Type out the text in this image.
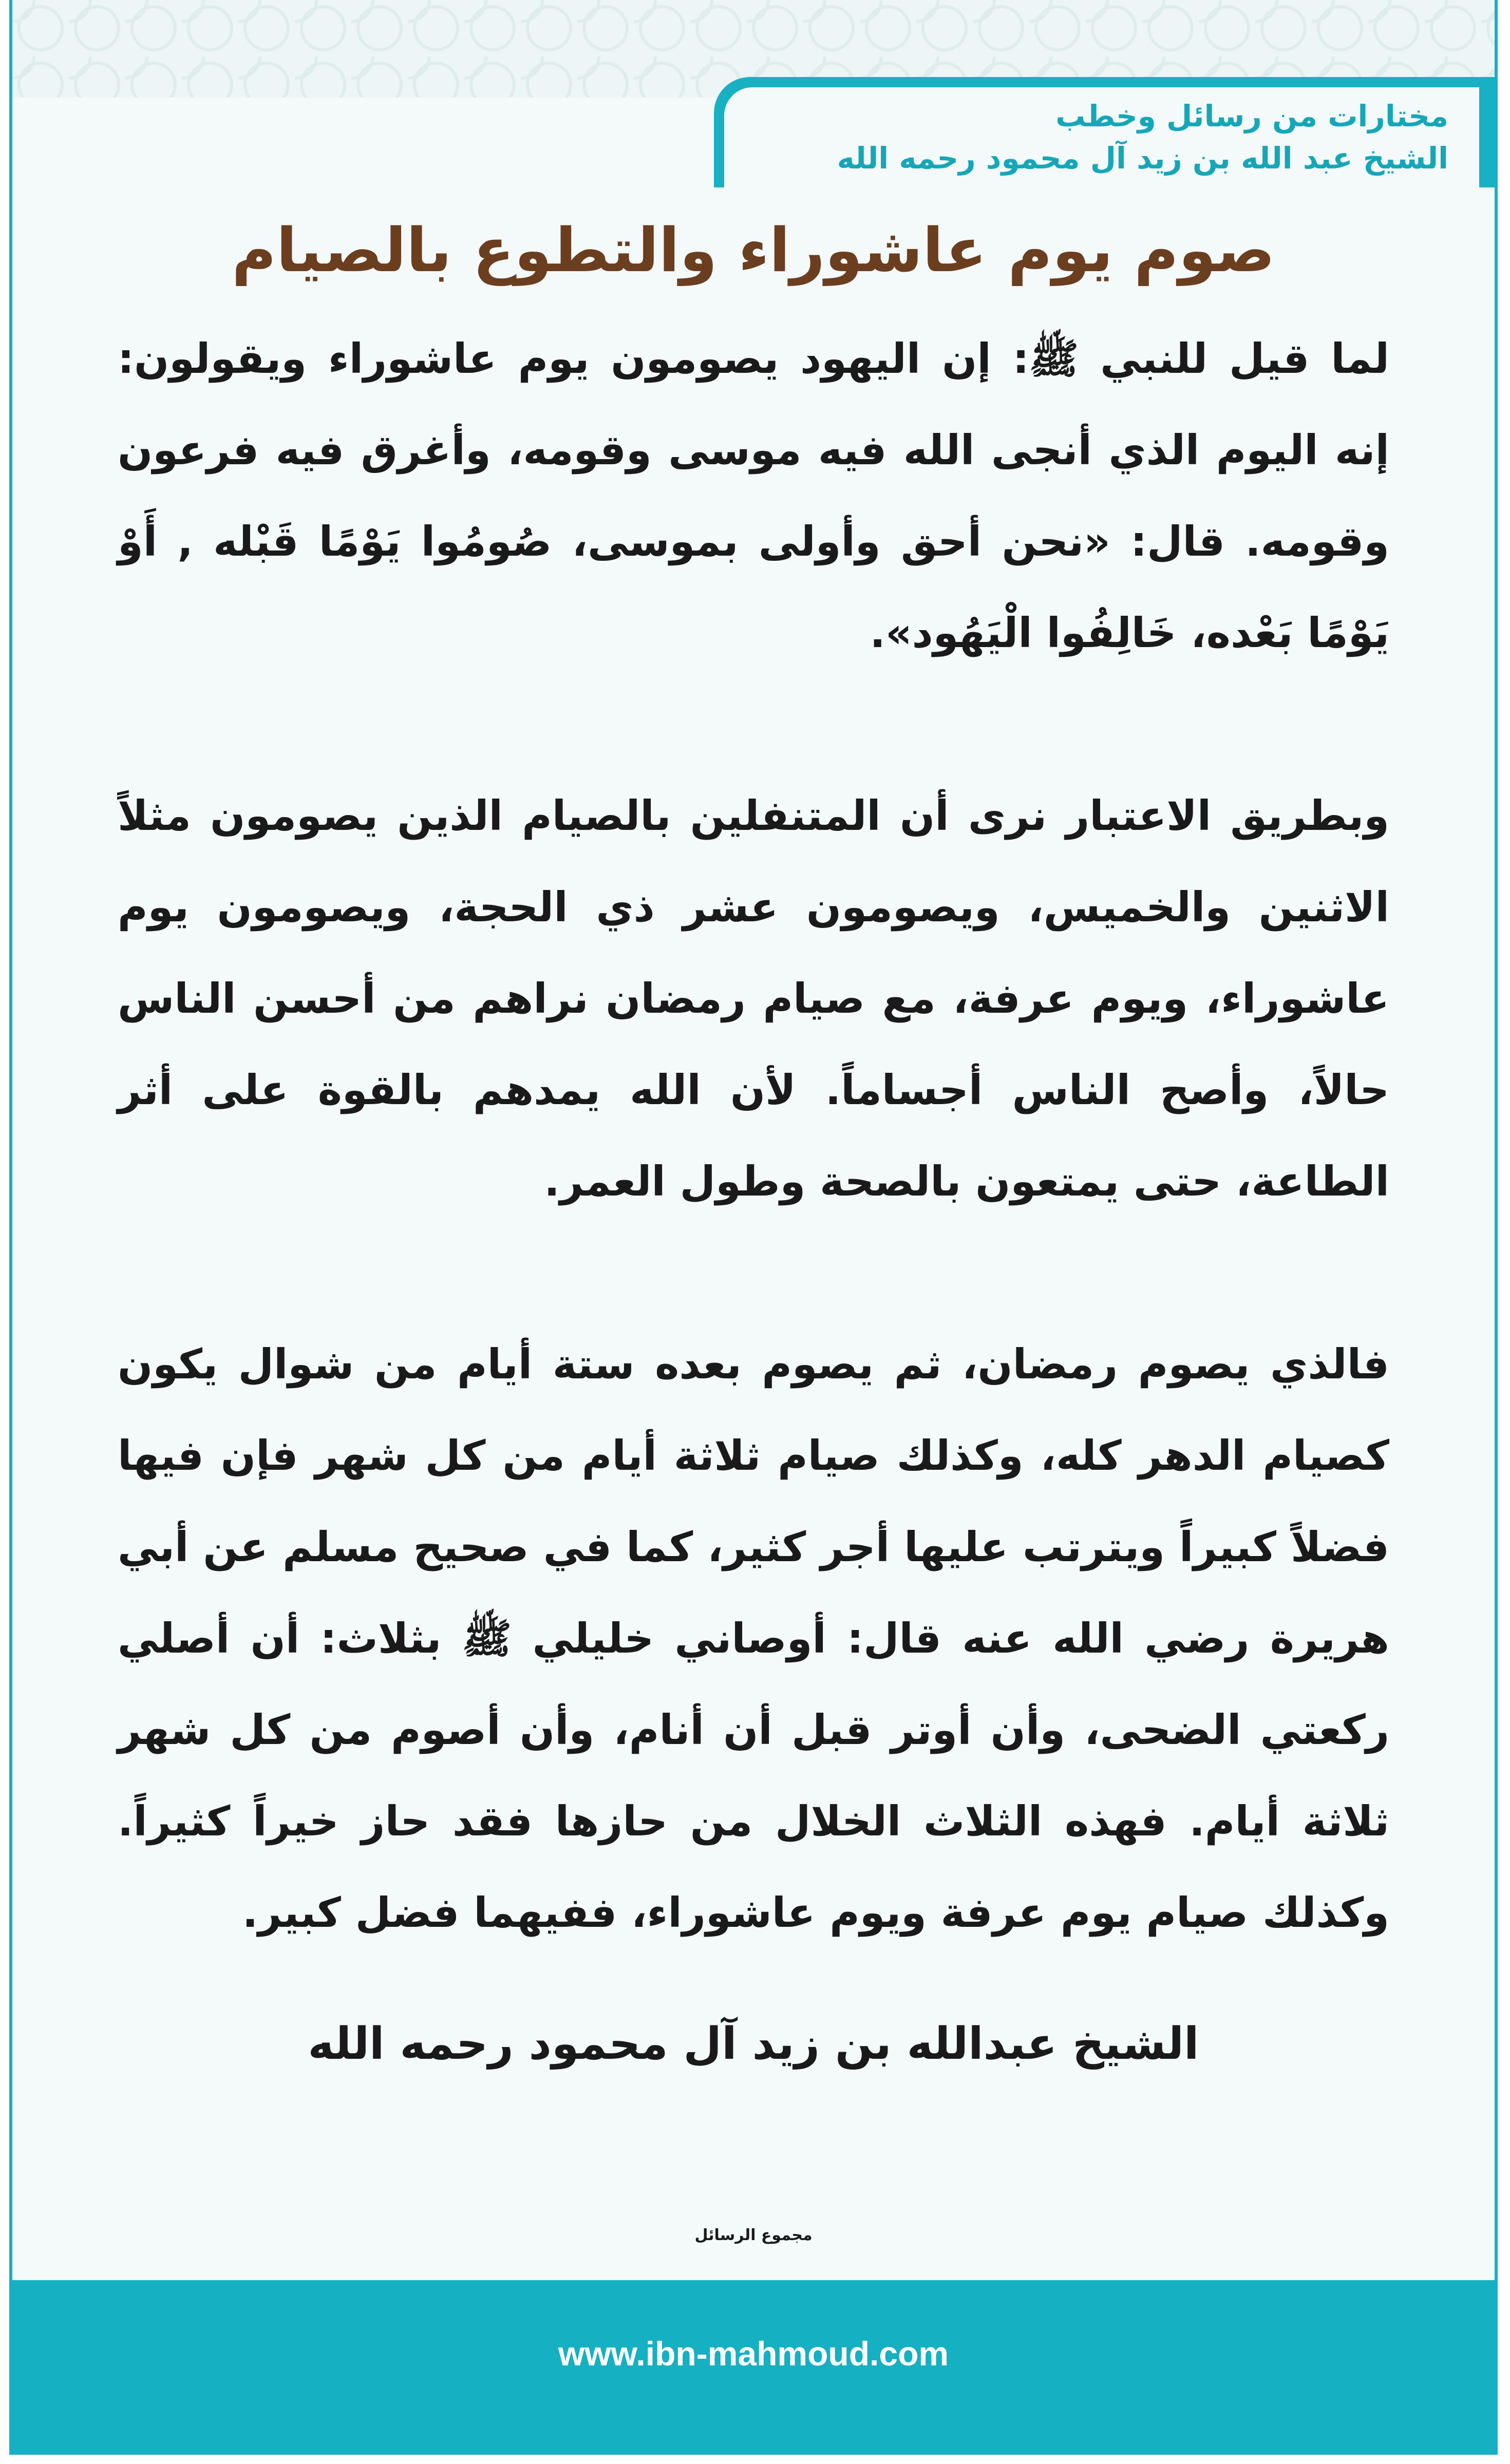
مختارات من رسائل وخطب
الشيخ عبد الله بن زيد آل محمود رحمه الله
صوم يوم عاشوراء والتطوع بالصيام

لما قيل للنبي ﷺ: إن اليهود يصومون يوم عاشوراء ويقولون: إنه اليوم الذي أنجى الله فيه موسى وقومه، وأغرق فيه فرعون وقومه. قال: «نحن أحق وأولى بموسى، صُومُوا يَوْمًا قَبْله , أَوْ يَوْمًا بَعْده، خَالِفُوا الْيَهُود».

وبطريق الاعتبار نرى أن المتنفلين بالصيام الذين يصومون مثلاً الاثنين والخميس، ويصومون عشر ذي الحجة، ويصومون يوم عاشوراء، ويوم عرفة، مع صيام رمضان نراهم من أحسن الناس حالاً، وأصح الناس أجساماً. لأن الله يمدهم بالقوة على أثر الطاعة، حتى يمتعون بالصحة وطول العمر.

فالذي يصوم رمضان، ثم يصوم بعده ستة أيام من شوال يكون كصيام الدهر كله، وكذلك صيام ثلاثة أيام من كل شهر فإن فيها فضلاً كبيراً ويترتب عليها أجر كثير، كما في صحيح مسلم عن أبي هريرة رضي الله عنه قال: أوصاني خليلي ﷺ بثلاث: أن أصلي ركعتي الضحى، وأن أوتر قبل أن أنام، وأن أصوم من كل شهر ثلاثة أيام. فهذه الثلاث الخلال من حازها فقد حاز خيراً كثيراً. وكذلك صيام يوم عرفة ويوم عاشوراء، ففيهما فضل كبير.

الشيخ عبدالله بن زيد آل محمود رحمه الله
مجموع الرسائل
www.ibn-mahmoud.com
